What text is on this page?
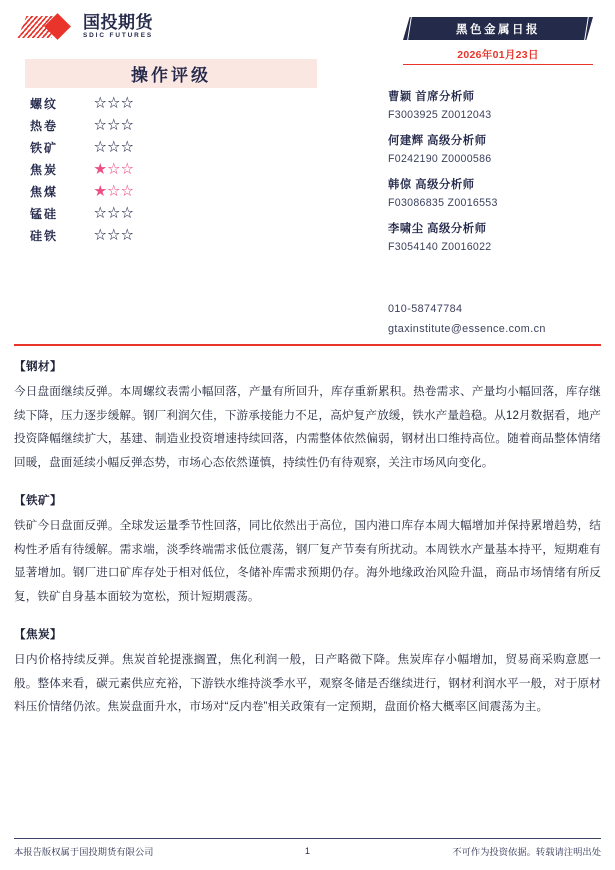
国投期货
SDIC FUTURES
黑色金属日报
2026年01月23日
操作评级
螺纹	☆☆☆
热卷	☆☆☆
铁矿	☆☆☆
焦炭	★☆☆
焦煤	★☆☆
锰硅	☆☆☆
硅铁	☆☆☆
曹颖 首席分析师
F3003925 Z0012043
何建辉 高级分析师
F0242190 Z0000586
韩倞 高级分析师
F03086835 Z0016553
李啸尘 高级分析师
F3054140 Z0016022
010-58747784
gtaxinstitute@essence.com.cn
【钢材】
今日盘面继续反弹。本周螺纹表需小幅回落，产量有所回升，库存重新累积。热卷需求、产量均小幅回落，库存继续下降，压力逐步缓解。钢厂利润欠佳，下游承接能力不足，高炉复产放缓，铁水产量趋稳。从12月数据看，地产投资降幅继续扩大，基建、制造业投资增速持续回落，内需整体依然偏弱，钢材出口维持高位。随着商品整体情绪回暖，盘面延续小幅反弹态势，市场心态依然谨慎，持续性仍有待观察，关注市场风向变化。
【铁矿】
铁矿今日盘面反弹。全球发运量季节性回落，同比依然出于高位，国内港口库存本周大幅增加并保持累增趋势，结构性矛盾有待缓解。需求端，淡季终端需求低位震荡，钢厂复产节奏有所扰动。本周铁水产量基本持平，短期难有显著增加。钢厂进口矿库存处于相对低位，冬储补库需求预期仍存。海外地缘政治风险升温，商品市场情绪有所反复，铁矿自身基本面较为宽松，预计短期震荡。
【焦炭】
日内价格持续反弹。焦炭首轮提涨搁置，焦化利润一般，日产略微下降。焦炭库存小幅增加，贸易商采购意愿一般。整体来看，碳元素供应充裕，下游铁水维持淡季水平，观察冬储是否继续进行，钢材利润水平一般，对于原材料压价情绪仍浓。焦炭盘面升水，市场对“反内卷”相关政策有一定预期，盘面价格大概率区间震荡为主。
本报告版权属于国投期货有限公司	1	不可作为投资依据。转载请注明出处
